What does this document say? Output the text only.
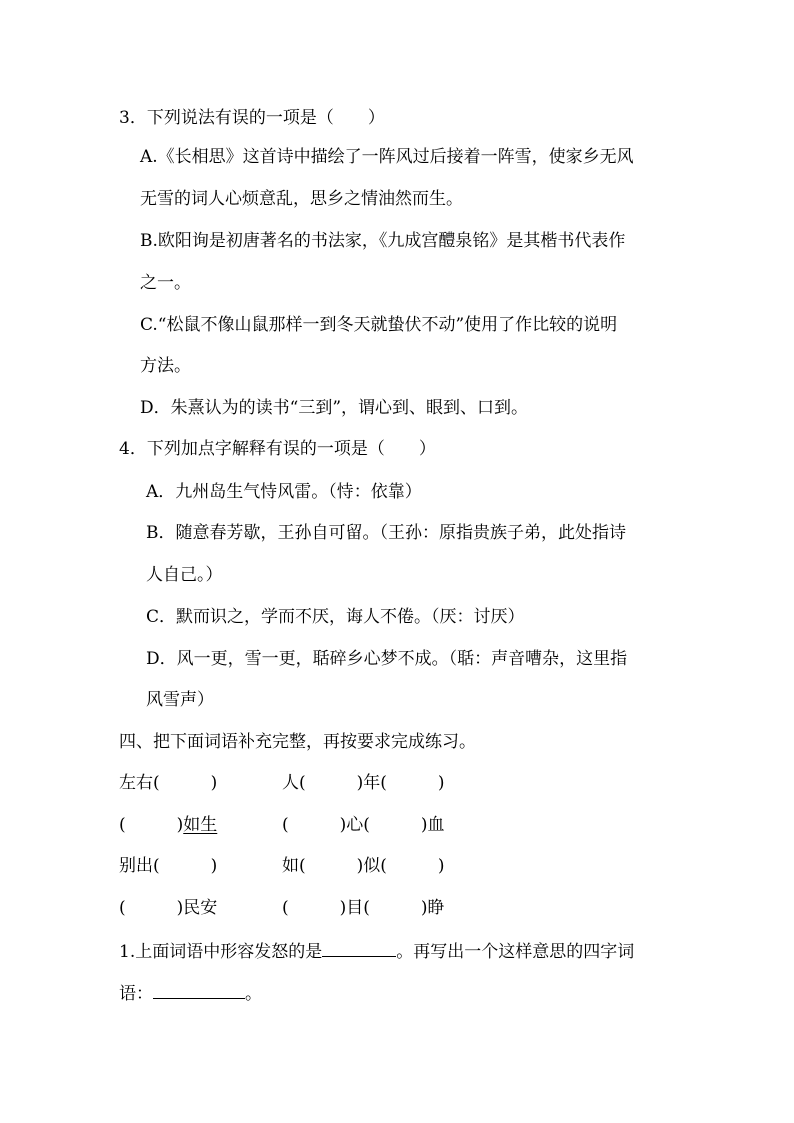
3．下列说法有误的一项是（　　）
A.《长相思》这首诗中描绘了一阵风过后接着一阵雪，使家乡无风
无雪的词人心烦意乱，思乡之情油然而生。
B.欧阳询是初唐著名的书法家，《九成宫醴泉铭》是其楷书代表作
之一。
C.“松鼠不像山鼠那样一到冬天就蛰伏不动”使用了作比较的说明
方法。
D．朱熹认为的读书“三到”，谓心到、眼到、口到。
4．下列加点字解释有误的一项是（　　）
A．九州岛生气恃风雷。（恃：依靠）
B．随意春芳歇，王孙自可留。（王孙：原指贵族子弟，此处指诗
人自己。）
C．默而识之，学而不厌，诲人不倦。（厌：讨厌）
D．风一更，雪一更，聒碎乡心梦不成。（聒：声音嘈杂，这里指
风雪声）
四、把下面词语补充完整，再按要求完成练习。
左右(　　　)	人(　　　)年(　　　)
(　　　)如生	(　　　)心(　　　)血
别出(　　　)	如(　　　)似(　　　)
(　　　)民安	(　　　)目(　　　)睁
1.上面词语中形容发怒的是	。再写出一个这样意思的四字词
语：	。
